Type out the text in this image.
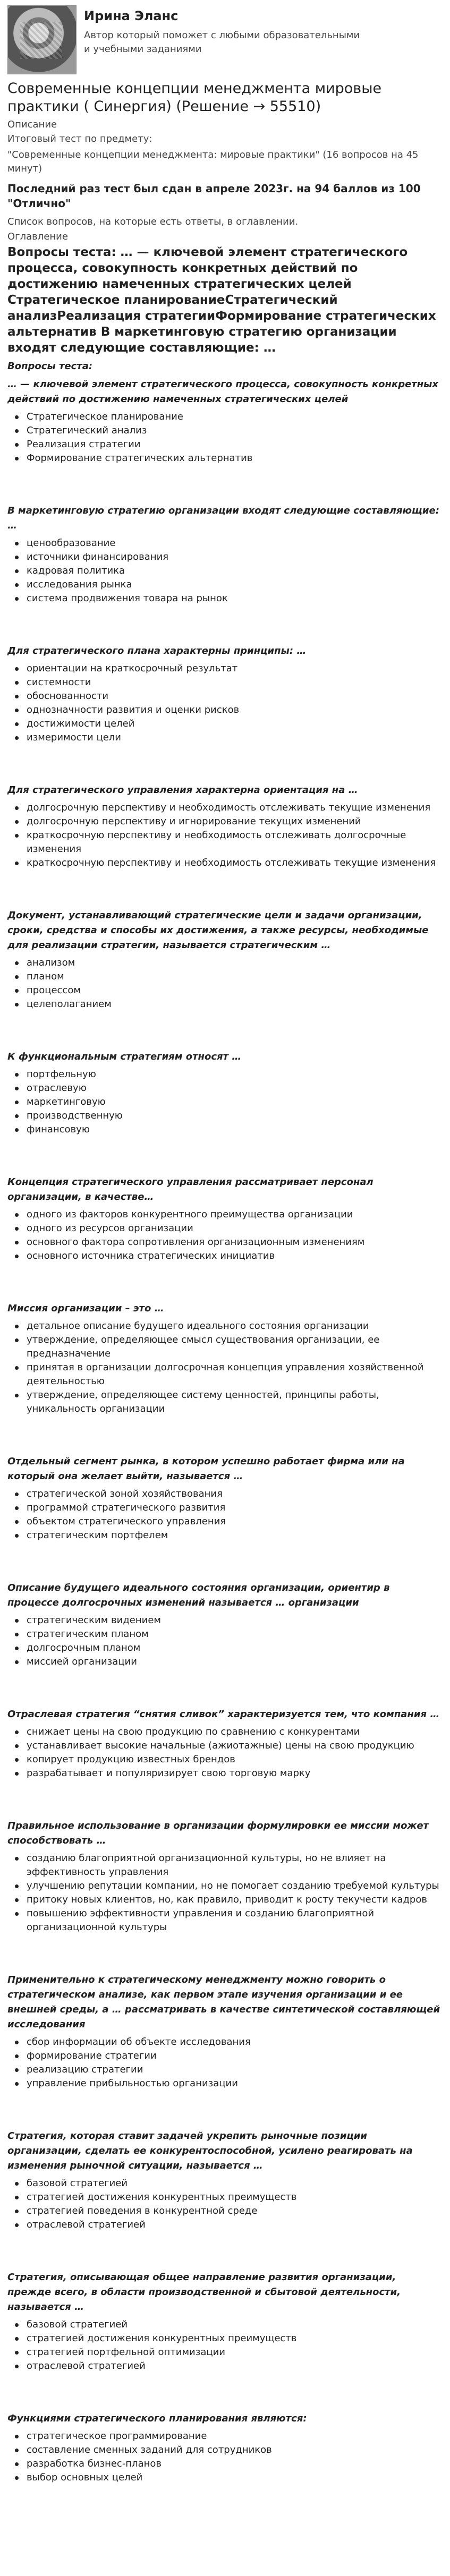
Ирина Эланс
Автор который поможет с любыми образовательными и учебными заданиями
Современные концепции менеджмента мировые практики ( Синергия) (Решение → 55510)
Описание
Итоговый тест по предмету:
"Современные концепции менеджмента: мировые практики" (16 вопросов на 45 минут)
Последний раз тест был сдан в апреле 2023г. на 94 баллов из 100 "Отлично"
Список вопросов, на которые есть ответы, в оглавлении.
Оглавление
Вопросы теста: … — ключевой элемент стратегического процесса, совокупность конкретных действий по достижению намеченных стратегических целей Стратегическое планированиеСтратегический анализРеализация стратегииФормирование стратегических альтернатив В маркетинговую стратегию организации входят следующие составляющие: …
Вопросы теста:
… — ключевой элемент стратегического процесса, совокупность конкретных действий по достижению намеченных стратегических целей
Стратегическое планирование
Стратегический анализ
Реализация стратегии
Формирование стратегических альтернатив
В маркетинговую стратегию организации входят следующие составляющие: …
ценообразование
источники финансирования
кадровая политика
исследования рынка
система продвижения товара на рынок
Для стратегического плана характерны принципы: …
ориентации на краткосрочный результат
системности
обоснованности
однозначности развития и оценки рисков
достижимости целей
измеримости цели
Для стратегического управления характерна ориентация на …
долгосрочную перспективу и необходимость отслеживать текущие изменения
долгосрочную перспективу и игнорирование текущих изменений
краткосрочную перспективу и необходимость отслеживать долгосрочные изменения
краткосрочную перспективу и необходимость отслеживать текущие изменения
Документ, устанавливающий стратегические цели и задачи организации, сроки, средства и способы их достижения, а также ресурсы, необходимые для реализации стратегии, называется стратегическим …
анализом
планом
процессом
целеполаганием
К функциональным стратегиям относят …
портфельную
отраслевую
маркетинговую
производственную
финансовую
Концепция стратегического управления рассматривает персонал организации, в качестве…
одного из факторов конкурентного преимущества организации
одного из ресурсов организации
основного фактора сопротивления организационным изменениям
основного источника стратегических инициатив
Миссия организации – это …
детальное описание будущего идеального состояния организации
утверждение, определяющее смысл существования организации, ее предназначение
принятая в организации долгосрочная концепция управления хозяйственной деятельностью
утверждение, определяющее систему ценностей, принципы работы, уникальность организации
Отдельный сегмент рынка, в котором успешно работает фирма или на который она желает выйти, называется …
стратегической зоной хозяйствования
программой стратегического развития
объектом стратегического управления
стратегическим портфелем
Описание будущего идеального состояния организации, ориентир в процессе долгосрочных изменений называется … организации
стратегическим видением
стратегическим планом
долгосрочным планом
миссией организации
Отраслевая стратегия “снятия сливок” характеризуется тем, что компания …
снижает цены на свою продукцию по сравнению с конкурентами
устанавливает высокие начальные (ажиотажные) цены на свою продукцию
копирует продукцию известных брендов
разрабатывает и популяризирует свою торговую марку
Правильное использование в организации формулировки ее миссии может способствовать …
созданию благоприятной организационной культуры, но не влияет на эффективность управления
улучшению репутации компании, но не помогает созданию требуемой культуры
притоку новых клиентов, но, как правило, приводит к росту текучести кадров
повышению эффективности управления и созданию благоприятной организационной культуры
Применительно к стратегическому менеджменту можно говорить о стратегическом анализе, как первом этапе изучения организации и ее внешней среды, а … рассматривать в качестве синтетической составляющей исследования
сбор информации об объекте исследования
формирование стратегии
реализацию стратегии
управление прибыльностью организации
Стратегия, которая ставит задачей укрепить рыночные позиции организации, сделать ее конкурентоспособной, усилено реагировать на изменения рыночной ситуации, называется …
базовой стратегией
стратегией достижения конкурентных преимуществ
стратегией поведения в конкурентной среде
отраслевой стратегией
Стратегия, описывающая общее направление развития организации, прежде всего, в области производственной и сбытовой деятельности, называется …
базовой стратегией
стратегией достижения конкурентных преимуществ
стратегией портфельной оптимизации
отраслевой стратегией
Функциями стратегического планирования являются:
стратегическое программирование
составление сменных заданий для сотрудников
разработка бизнес-планов
выбор основных целей
